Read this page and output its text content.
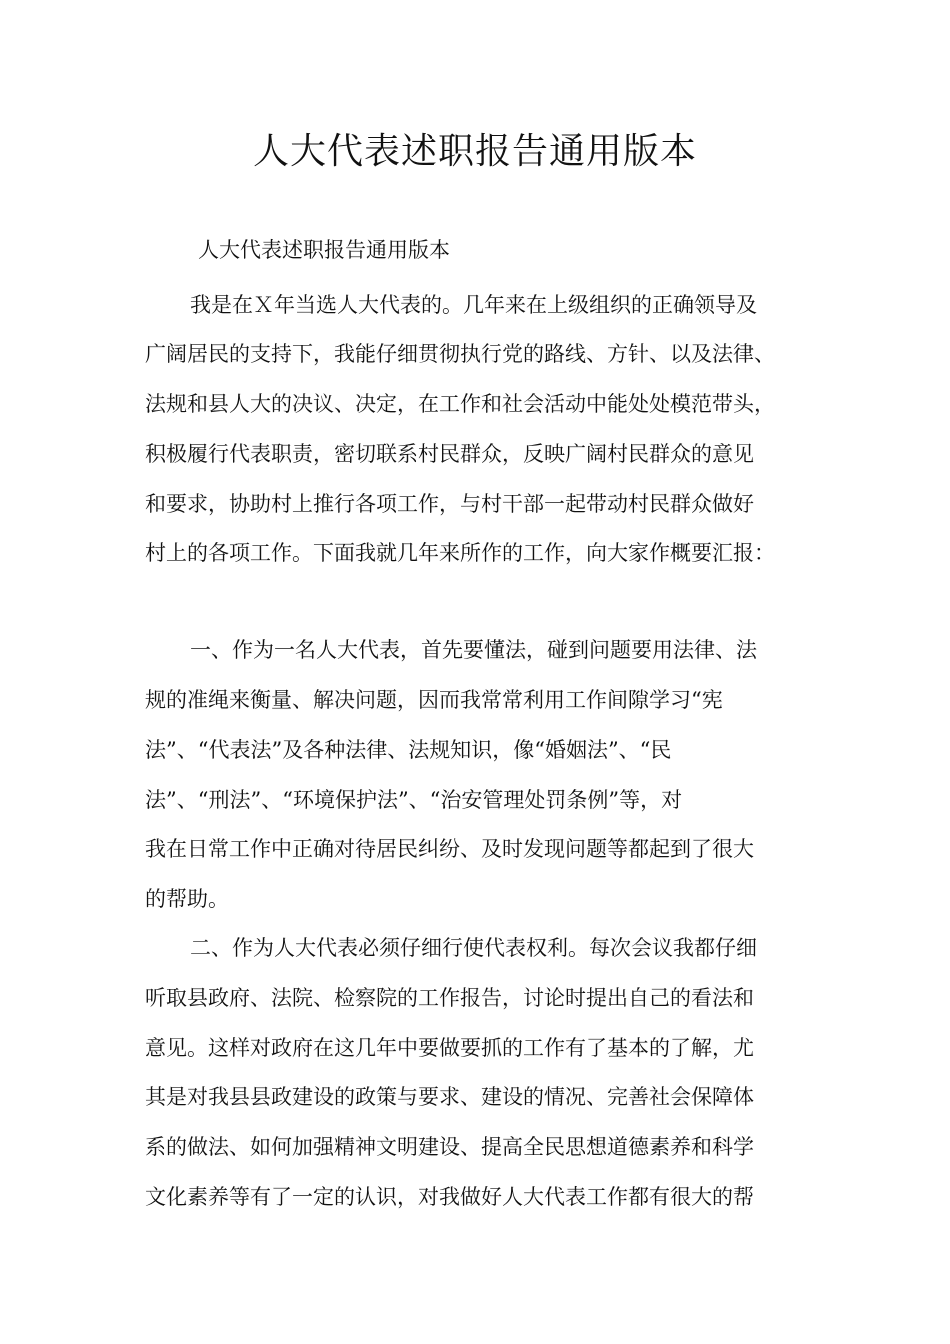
人大代表述职报告通用版本

人大代表述职报告通用版本

我是在Ｘ年当选人大代表的。几年来在上级组织的正确领导及

广阔居民的支持下，我能仔细贯彻执行党的路线、方针、以及法律、

法规和县人大的决议、决定，在工作和社会活动中能处处模范带头，

积极履行代表职责，密切联系村民群众，反映广阔村民群众的意见

和要求，协助村上推行各项工作，与村干部一起带动村民群众做好

村上的各项工作。下面我就几年来所作的工作，向大家作概要汇报：

一、作为一名人大代表，首先要懂法，碰到问题要用法律、法

规的准绳来衡量、解决问题，因而我常常利用工作间隙学习“宪

法”、“代表法”及各种法律、法规知识，像“婚姻法”、“民

法”、“刑法”、“环境保护法”、“治安管理处罚条例”等，对

我在日常工作中正确对待居民纠纷、及时发现问题等都起到了很大

的帮助。

二、作为人大代表必须仔细行使代表权利。每次会议我都仔细

听取县政府、法院、检察院的工作报告，讨论时提出自己的看法和

意见。这样对政府在这几年中要做要抓的工作有了基本的了解，尤

其是对我县县政建设的政策与要求、建设的情况、完善社会保障体

系的做法、如何加强精神文明建设、提高全民思想道德素养和科学

文化素养等有了一定的认识，对我做好人大代表工作都有很大的帮
